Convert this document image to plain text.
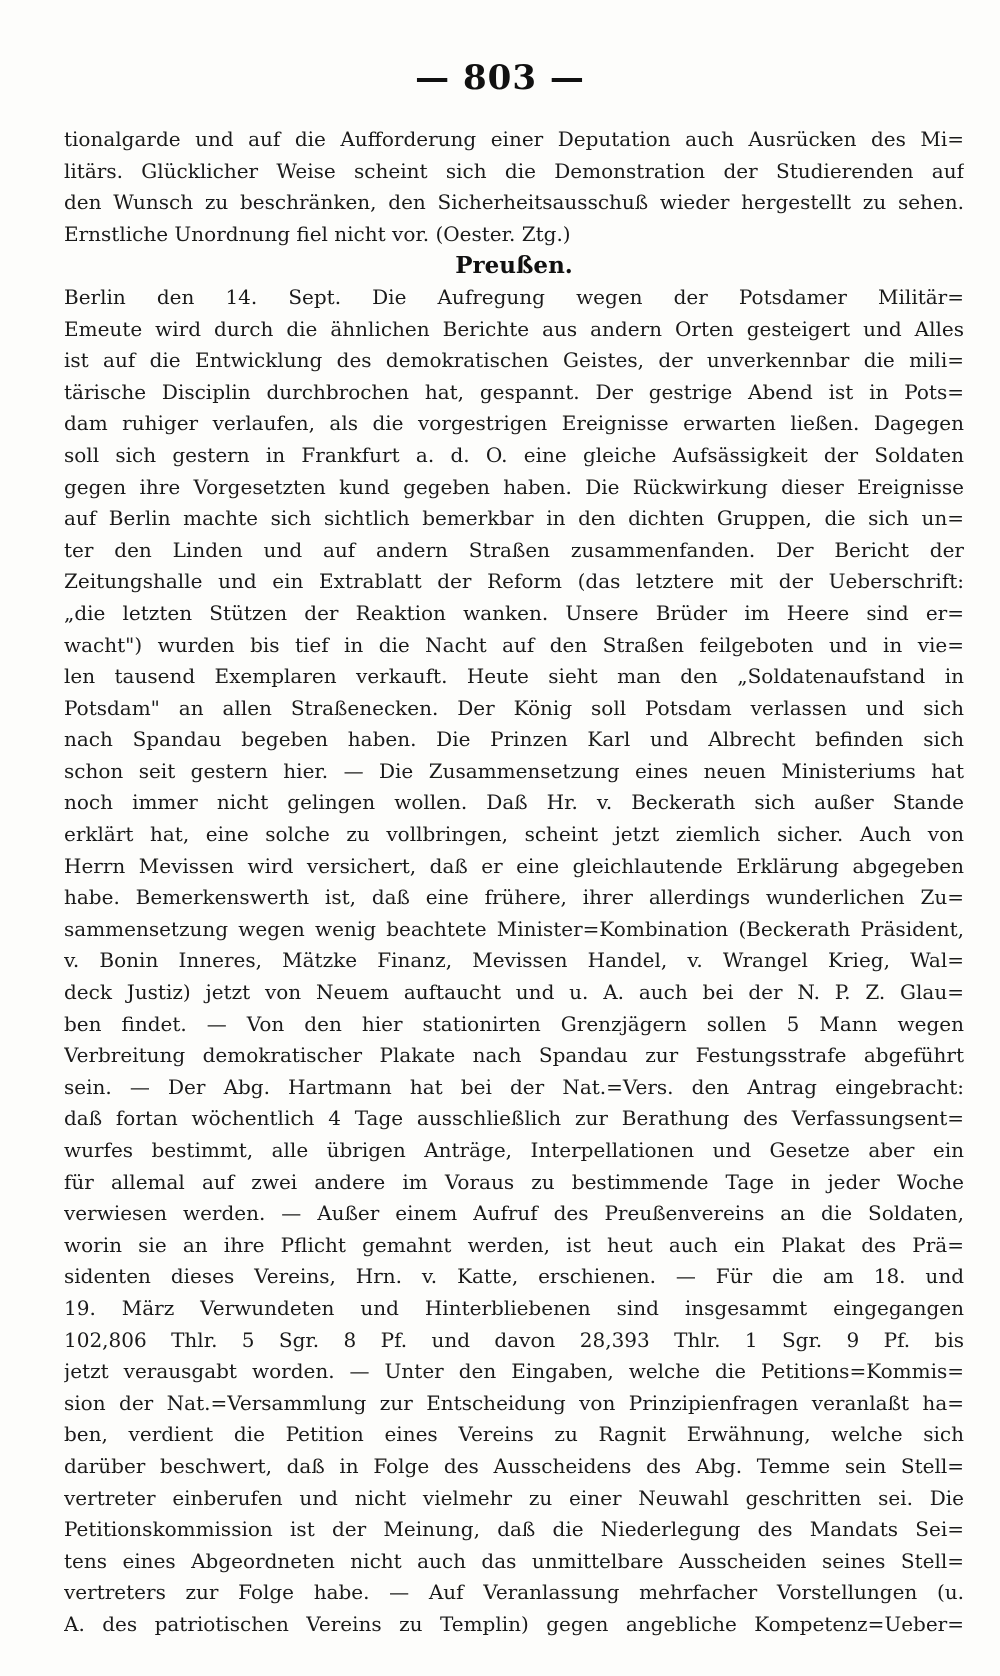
— 803 —
tionalgarde und auf die Aufforderung einer Deputation auch Ausrücken des Mi=
litärs. Glücklicher Weise scheint sich die Demonstration der Studierenden auf
den Wunsch zu beschränken, den Sicherheitsausschuß wieder hergestellt zu sehen.
Ernstliche Unordnung fiel nicht vor. (Oester. Ztg.)
Preußen.
Berlin den 14. Sept. Die Aufregung wegen der Potsdamer Militär=
Emeute wird durch die ähnlichen Berichte aus andern Orten gesteigert und Alles
ist auf die Entwicklung des demokratischen Geistes, der unverkennbar die mili=
tärische Disciplin durchbrochen hat, gespannt. Der gestrige Abend ist in Pots=
dam ruhiger verlaufen, als die vorgestrigen Ereignisse erwarten ließen. Dagegen
soll sich gestern in Frankfurt a. d. O. eine gleiche Aufsässigkeit der Soldaten
gegen ihre Vorgesetzten kund gegeben haben. Die Rückwirkung dieser Ereignisse
auf Berlin machte sich sichtlich bemerkbar in den dichten Gruppen, die sich un=
ter den Linden und auf andern Straßen zusammenfanden. Der Bericht der
Zeitungshalle und ein Extrablatt der Reform (das letztere mit der Ueberschrift:
„die letzten Stützen der Reaktion wanken. Unsere Brüder im Heere sind er=
wacht") wurden bis tief in die Nacht auf den Straßen feilgeboten und in vie=
len tausend Exemplaren verkauft. Heute sieht man den „Soldatenaufstand in
Potsdam" an allen Straßenecken. Der König soll Potsdam verlassen und sich
nach Spandau begeben haben. Die Prinzen Karl und Albrecht befinden sich
schon seit gestern hier. — Die Zusammensetzung eines neuen Ministeriums hat
noch immer nicht gelingen wollen. Daß Hr. v. Beckerath sich außer Stande
erklärt hat, eine solche zu vollbringen, scheint jetzt ziemlich sicher. Auch von
Herrn Mevissen wird versichert, daß er eine gleichlautende Erklärung abgegeben
habe. Bemerkenswerth ist, daß eine frühere, ihrer allerdings wunderlichen Zu=
sammensetzung wegen wenig beachtete Minister=Kombination (Beckerath Präsident,
v. Bonin Inneres, Mätzke Finanz, Mevissen Handel, v. Wrangel Krieg, Wal=
deck Justiz) jetzt von Neuem auftaucht und u. A. auch bei der N. P. Z. Glau=
ben findet. — Von den hier stationirten Grenzjägern sollen 5 Mann wegen
Verbreitung demokratischer Plakate nach Spandau zur Festungsstrafe abgeführt
sein. — Der Abg. Hartmann hat bei der Nat.=Vers. den Antrag eingebracht:
daß fortan wöchentlich 4 Tage ausschließlich zur Berathung des Verfassungsent=
wurfes bestimmt, alle übrigen Anträge, Interpellationen und Gesetze aber ein
für allemal auf zwei andere im Voraus zu bestimmende Tage in jeder Woche
verwiesen werden. — Außer einem Aufruf des Preußenvereins an die Soldaten,
worin sie an ihre Pflicht gemahnt werden, ist heut auch ein Plakat des Prä=
sidenten dieses Vereins, Hrn. v. Katte, erschienen. — Für die am 18. und
19. März Verwundeten und Hinterbliebenen sind insgesammt eingegangen
102,806 Thlr. 5 Sgr. 8 Pf. und davon 28,393 Thlr. 1 Sgr. 9 Pf. bis
jetzt verausgabt worden. — Unter den Eingaben, welche die Petitions=Kommis=
sion der Nat.=Versammlung zur Entscheidung von Prinzipienfragen veranlaßt ha=
ben, verdient die Petition eines Vereins zu Ragnit Erwähnung, welche sich
darüber beschwert, daß in Folge des Ausscheidens des Abg. Temme sein Stell=
vertreter einberufen und nicht vielmehr zu einer Neuwahl geschritten sei. Die
Petitionskommission ist der Meinung, daß die Niederlegung des Mandats Sei=
tens eines Abgeordneten nicht auch das unmittelbare Ausscheiden seines Stell=
vertreters zur Folge habe. — Auf Veranlassung mehrfacher Vorstellungen (u.
A. des patriotischen Vereins zu Templin) gegen angebliche Kompetenz=Ueber=
